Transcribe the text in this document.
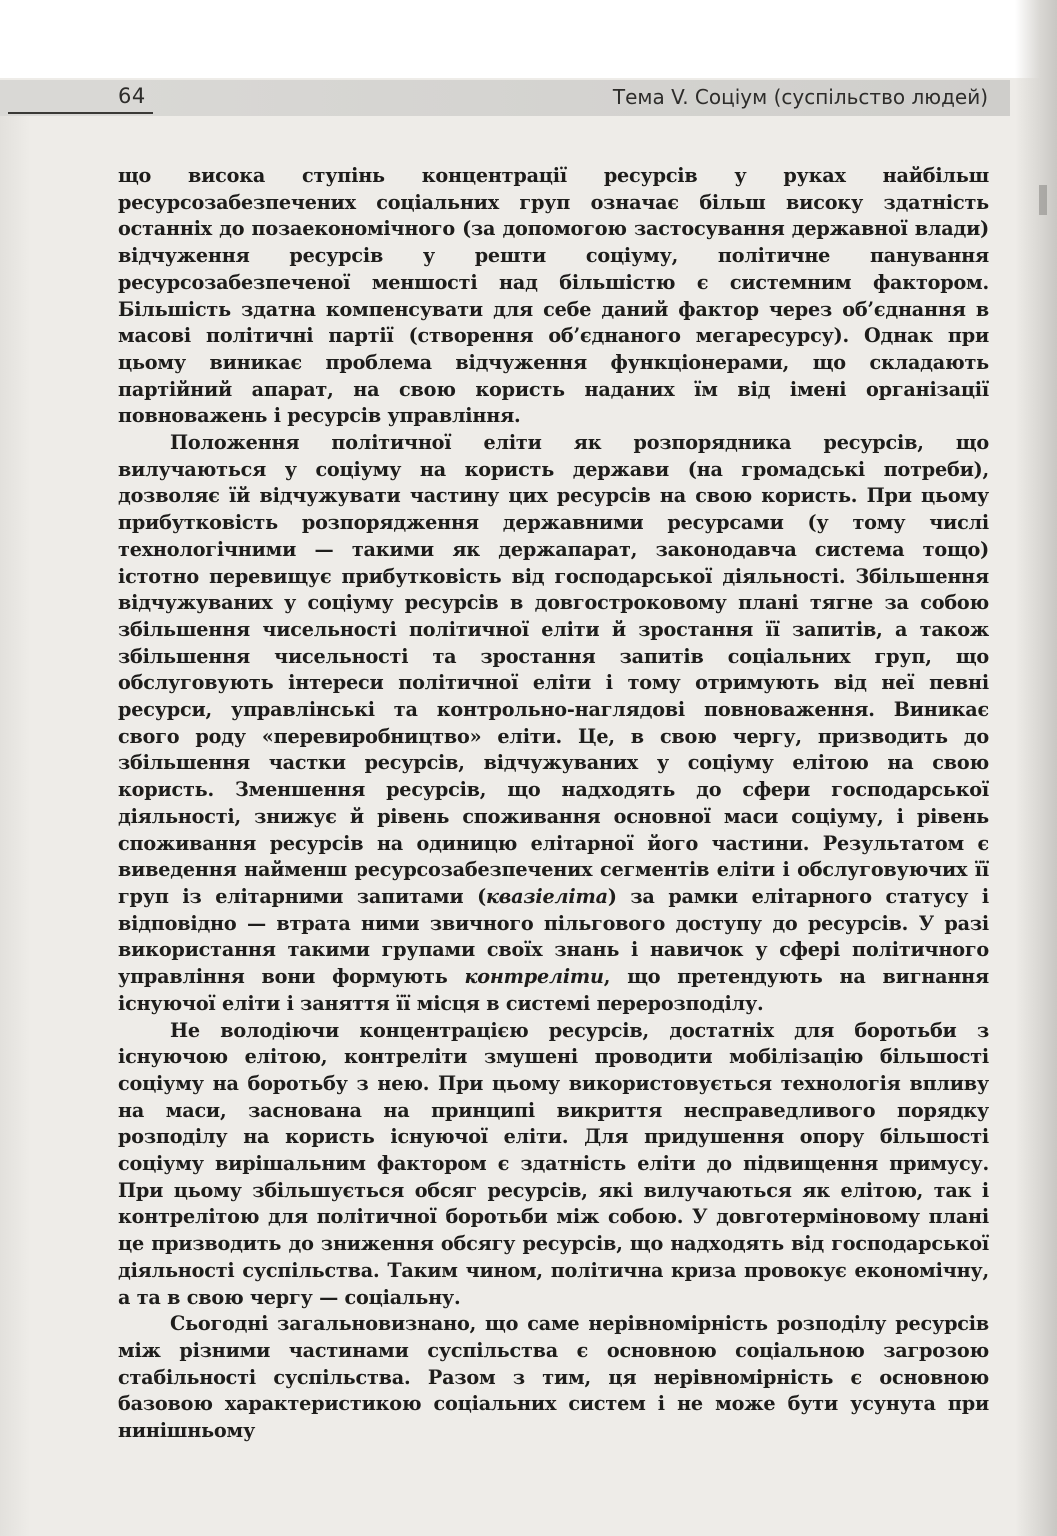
64	Тема V. Соціум (суспільство людей)

що висока ступінь концентрації ресурсів у руках найбільш ресурсозабезпечених соціальних груп означає більш високу здатність останніх до позаекономічного (за допомогою застосування державної влади) відчуження ресурсів у решти соціуму, політичне панування ресурсозабезпеченої меншості над більшістю є системним фактором. Більшість здатна компенсувати для себе даний фактор через об’єднання в масові політичні партії (створення об’єднаного мегаресурсу). Однак при цьому виникає проблема відчуження функціонерами, що складають партійний апарат, на свою користь наданих їм від імені організації повноважень і ресурсів управління.

Положення політичної еліти як розпорядника ресурсів, що вилучаються у соціуму на користь держави (на громадські потреби), дозволяє їй відчужувати частину цих ресурсів на свою користь. При цьому прибутковість розпорядження державними ресурсами (у тому числі технологічними — такими як держапарат, законодавча система тощо) істотно перевищує прибутковість від господарської діяльності. Збільшення відчужуваних у соціуму ресурсів в довгостроковому плані тягне за собою збільшення чисельності політичної еліти й зростання її запитів, а також збільшення чисельності та зростання запитів соціальних груп, що обслуговують інтереси політичної еліти і тому отримують від неї певні ресурси, управлінські та контрольно-наглядові повноваження. Виникає свого роду «перевиробництво» еліти. Це, в свою чергу, призводить до збільшення частки ресурсів, відчужуваних у соціуму елітою на свою користь. Зменшення ресурсів, що надходять до сфери господарської діяльності, знижує й рівень споживання основної маси соціуму, і рівень споживання ресурсів на одиницю елітарної його частини. Результатом є виведення найменш ресурсозабезпечених сегментів еліти і обслуговуючих її груп із елітарними запитами (квазіеліта) за рамки елітарного статусу і відповідно — втрата ними звичного пільгового доступу до ресурсів. У разі використання такими групами своїх знань і навичок у сфері політичного управління вони формують контреліти, що претендують на вигнання існуючої еліти і заняття її місця в системі перерозподілу.

Не володіючи концентрацією ресурсів, достатніх для боротьби з існуючою елітою, контреліти змушені проводити мобілізацію більшості соціуму на боротьбу з нею. При цьому використовується технологія впливу на маси, заснована на принципі викриття несправедливого порядку розподілу на користь існуючої еліти. Для придушення опору більшості соціуму вирішальним фактором є здатність еліти до підвищення примусу. При цьому збільшується обсяг ресурсів, які вилучаються як елітою, так і контрелітою для політичної боротьби між собою. У довготерміновому плані це призводить до зниження обсягу ресурсів, що надходять від господарської діяльності суспільства. Таким чином, політична криза провокує економічну, а та в свою чергу — соціальну.

Сьогодні загальновизнано, що саме нерівномірність розподілу ресурсів між різними частинами суспільства є основною соціальною загрозою стабільності суспільства. Разом з тим, ця нерівномірність є основною базовою характеристикою соціальних систем і не може бути усунута при нинішньому
